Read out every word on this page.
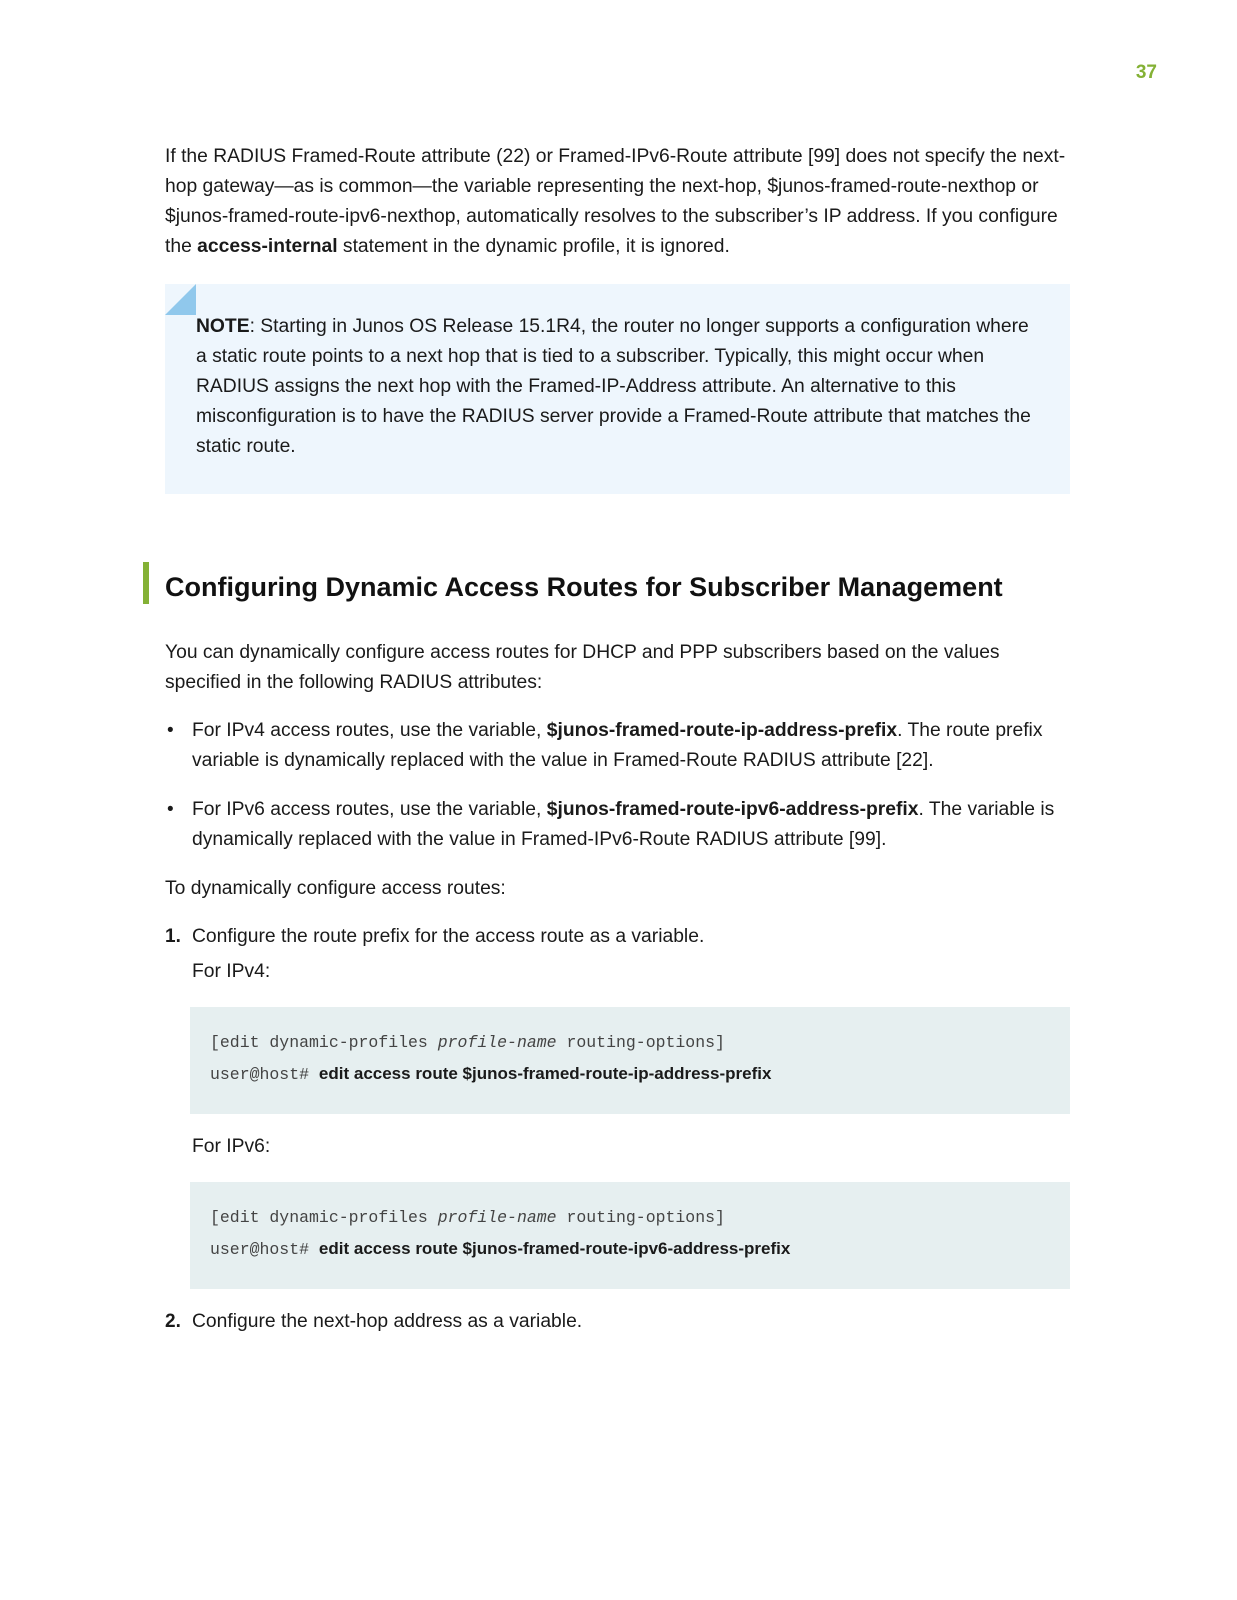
37

If the RADIUS Framed-Route attribute (22) or Framed-IPv6-Route attribute [99] does not specify the next-hop gateway—as is common—the variable representing the next-hop, $junos-framed-route-nexthop or $junos-framed-route-ipv6-nexthop, automatically resolves to the subscriber’s IP address. If you configure the access-internal statement in the dynamic profile, it is ignored.

NOTE: Starting in Junos OS Release 15.1R4, the router no longer supports a configuration where a static route points to a next hop that is tied to a subscriber. Typically, this might occur when RADIUS assigns the next hop with the Framed-IP-Address attribute. An alternative to this misconfiguration is to have the RADIUS server provide a Framed-Route attribute that matches the static route.

Configuring Dynamic Access Routes for Subscriber Management

You can dynamically configure access routes for DHCP and PPP subscribers based on the values specified in the following RADIUS attributes:

• For IPv4 access routes, use the variable, $junos-framed-route-ip-address-prefix. The route prefix variable is dynamically replaced with the value in Framed-Route RADIUS attribute [22].

• For IPv6 access routes, use the variable, $junos-framed-route-ipv6-address-prefix. The variable is dynamically replaced with the value in Framed-IPv6-Route RADIUS attribute [99].

To dynamically configure access routes:

1. Configure the route prefix for the access route as a variable.

For IPv4:

[edit dynamic-profiles profile-name routing-options]
user@host# edit access route $junos-framed-route-ip-address-prefix

For IPv6:

[edit dynamic-profiles profile-name routing-options]
user@host# edit access route $junos-framed-route-ipv6-address-prefix
2. Configure the next-hop address as a variable.
